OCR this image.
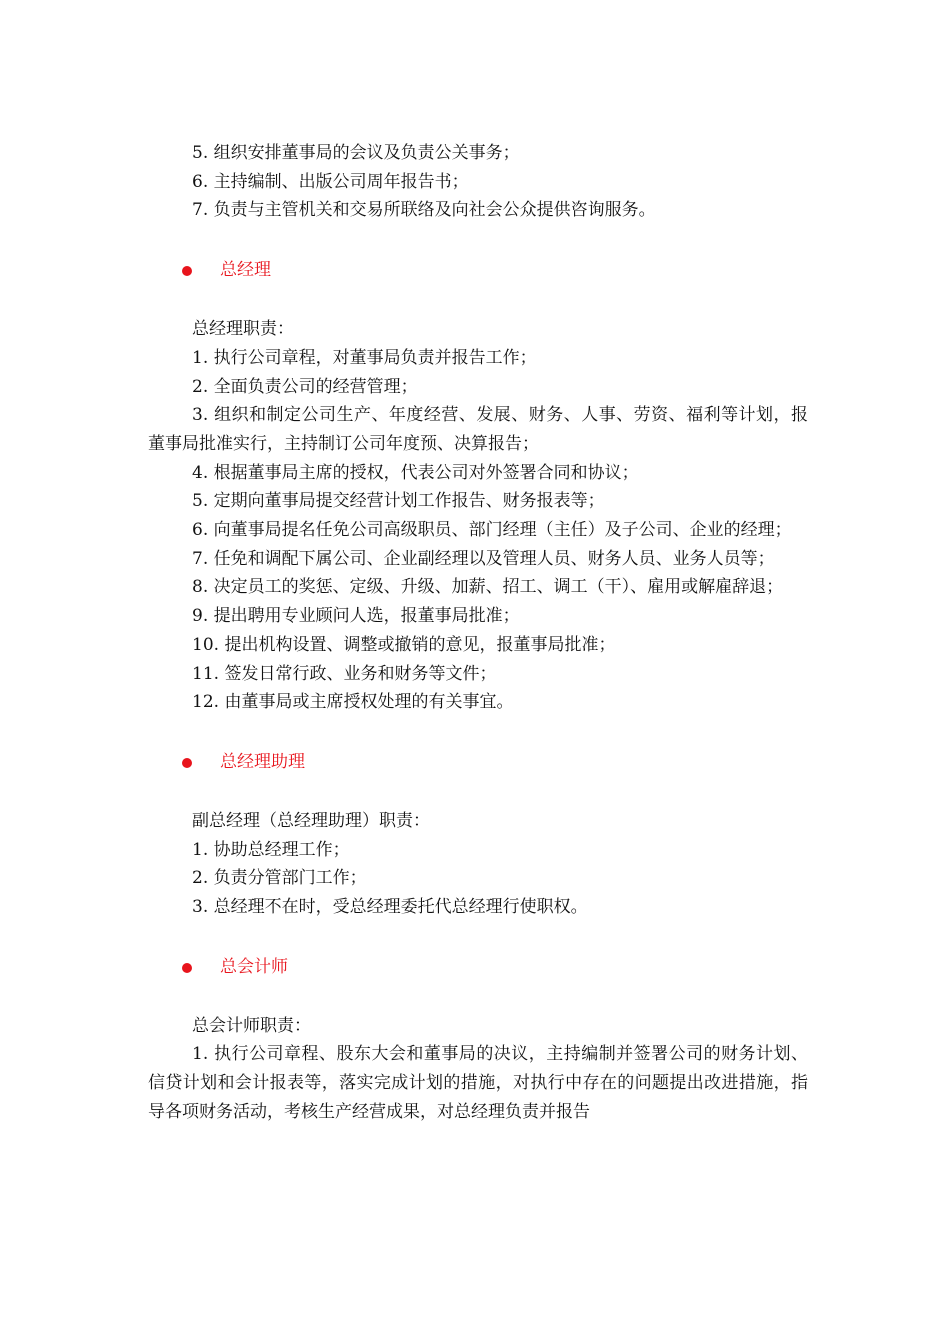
5. 组织安排董事局的会议及负责公关事务；
6. 主持编制、出版公司周年报告书；
7. 负责与主管机关和交易所联络及向社会公众提供咨询服务。
总经理
总经理职责：
1. 执行公司章程，对董事局负责并报告工作；
2. 全面负责公司的经营管理；
3. 组织和制定公司生产、年度经营、发展、财务、人事、劳资、福利等计划，报董事局批准实行，主持制订公司年度预、决算报告；
4. 根据董事局主席的授权，代表公司对外签署合同和协议；
5. 定期向董事局提交经营计划工作报告、财务报表等；
6. 向董事局提名任免公司高级职员、部门经理（主任）及子公司、企业的经理；
7. 任免和调配下属公司、企业副经理以及管理人员、财务人员、业务人员等；
8. 决定员工的奖惩、定级、升级、加薪、招工、调工（干）、雇用或解雇辞退；
9. 提出聘用专业顾问人选，报董事局批准；
10. 提出机构设置、调整或撤销的意见，报董事局批准；
11. 签发日常行政、业务和财务等文件；
12. 由董事局或主席授权处理的有关事宜。
总经理助理
副总经理（总经理助理）职责：
1. 协助总经理工作；
2. 负责分管部门工作；
3. 总经理不在时，受总经理委托代总经理行使职权。
总会计师
总会计师职责：
1. 执行公司章程、股东大会和董事局的决议，主持编制并签署公司的财务计划、信贷计划和会计报表等，落实完成计划的措施，对执行中存在的问题提出改进措施，指导各项财务活动，考核生产经营成果，对总经理负责并报告
